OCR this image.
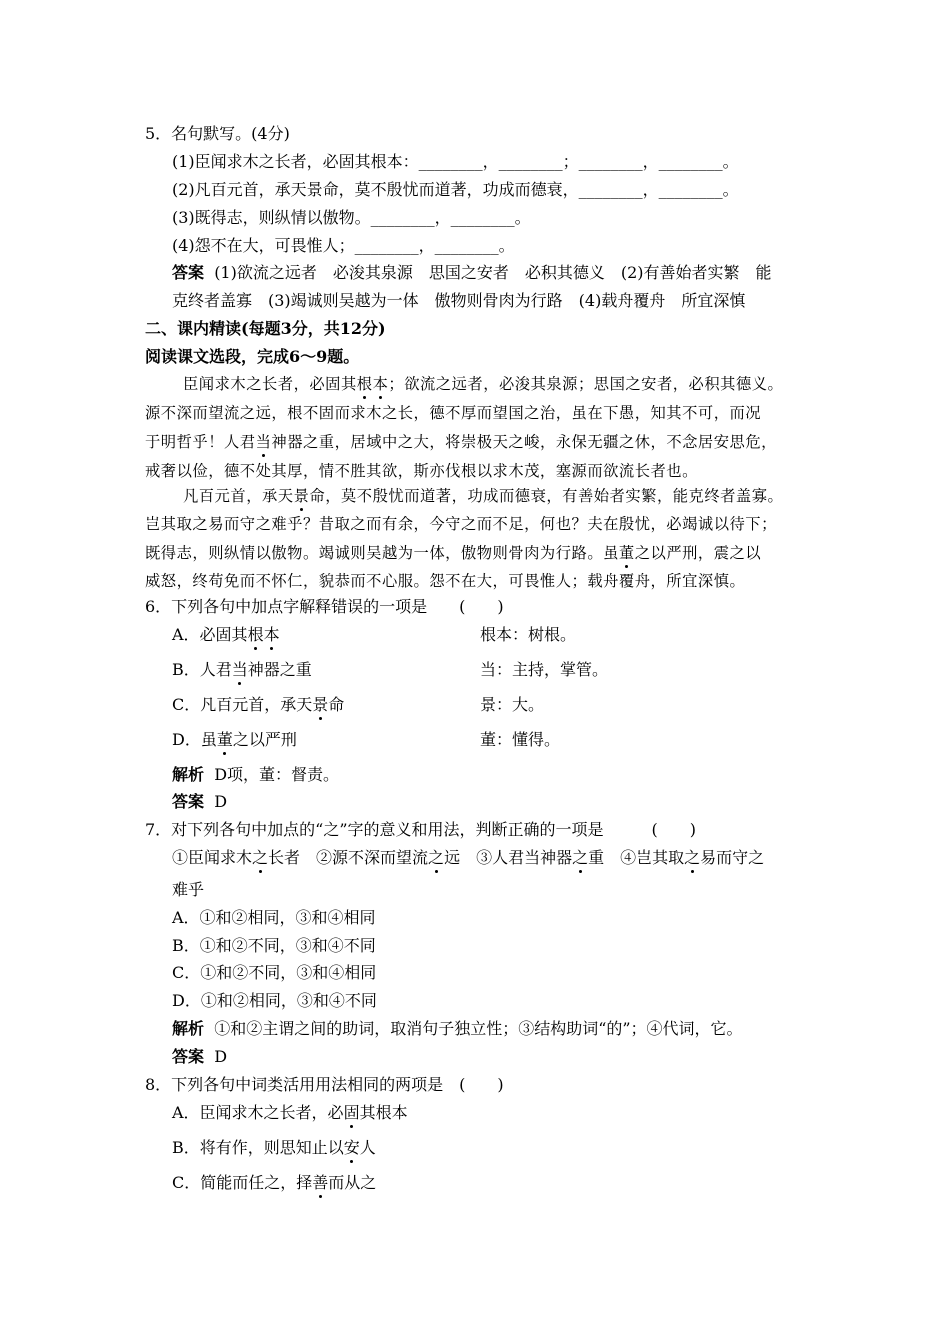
5．名句默写。(4分)
(1)臣闻求木之长者，必固其根本：________，________；________，________。
(2)凡百元首，承天景命，莫不殷忧而道著，功成而德衰，________，________。
(3)既得志，则纵情以傲物。________，________。
(4)怨不在大，可畏惟人；________，________。
答案 (1)欲流之远者　必浚其泉源　思国之安者　必积其德义　(2)有善始者实繁　能
克终者盖寡　(3)竭诚则吴越为一体　傲物则骨肉为行路　(4)载舟覆舟　所宜深慎
二、课内精读(每题3分，共12分)
阅读课文选段，完成6～9题。
臣闻求木之长者，必固其根本；欲流之远者，必浚其泉源；思国之安者，必积其德义。
源不深而望流之远，根不固而求木之长，德不厚而望国之治，虽在下愚，知其不可，而况
于明哲乎！人君当神器之重，居域中之大，将崇极天之峻，永保无疆之休，不念居安思危，
戒奢以俭，德不处其厚，情不胜其欲，斯亦伐根以求木茂，塞源而欲流长者也。
凡百元首，承天景命，莫不殷忧而道著，功成而德衰，有善始者实繁，能克终者盖寡。
岂其取之易而守之难乎？昔取之而有余，今守之而不足，何也？夫在殷忧，必竭诚以待下；
既得志，则纵情以傲物。竭诚则吴越为一体，傲物则骨肉为行路。虽董之以严刑，震之以
威怒，终苟免而不怀仁，貌恭而不心服。怨不在大，可畏惟人；载舟覆舟，所宜深慎。
6．下列各句中加点字解释错误的一项是　　(　　)
A．必固其根本	根本：树根。
B．人君当神器之重	当：主持，掌管。
C．凡百元首，承天景命	景：大。
D．虽董之以严刑	董：懂得。
解析 D项，董：督责。
答案 D
7．对下列各句中加点的“之”字的意义和用法，判断正确的一项是　　　(　　)
①臣闻求木之长者　②源不深而望流之远　③人君当神器之重　④岂其取之易而守之
难乎
A．①和②相同，③和④相同
B．①和②不同，③和④不同
C．①和②不同，③和④相同
D．①和②相同，③和④不同
解析 ①和②主谓之间的助词，取消句子独立性；③结构助词“的”；④代词，它。
答案 D
8．下列各句中词类活用用法相同的两项是　(　　)
A．臣闻求木之长者，必固其根本
B．将有作，则思知止以安人
C．简能而任之，择善而从之
